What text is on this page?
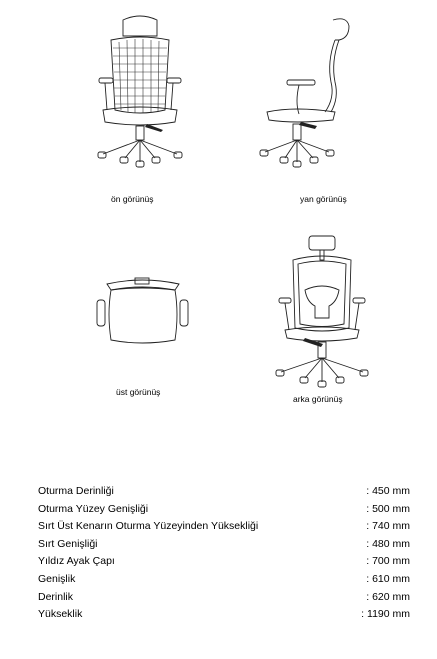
ön görünüş	yan görünüş
üst görünüş
arka görünüş
Oturma Derinliği	: 450 mm
Oturma Yüzey Genişliği	: 500 mm
Sırt Üst Kenarın Oturma Yüzeyinden Yüksekliği	: 740 mm
Sırt Genişliği	: 480 mm
Yıldız Ayak Çapı	: 700 mm
Genişlik	: 610 mm
Derinlik	: 620 mm
Yükseklik	: 1190 mm
